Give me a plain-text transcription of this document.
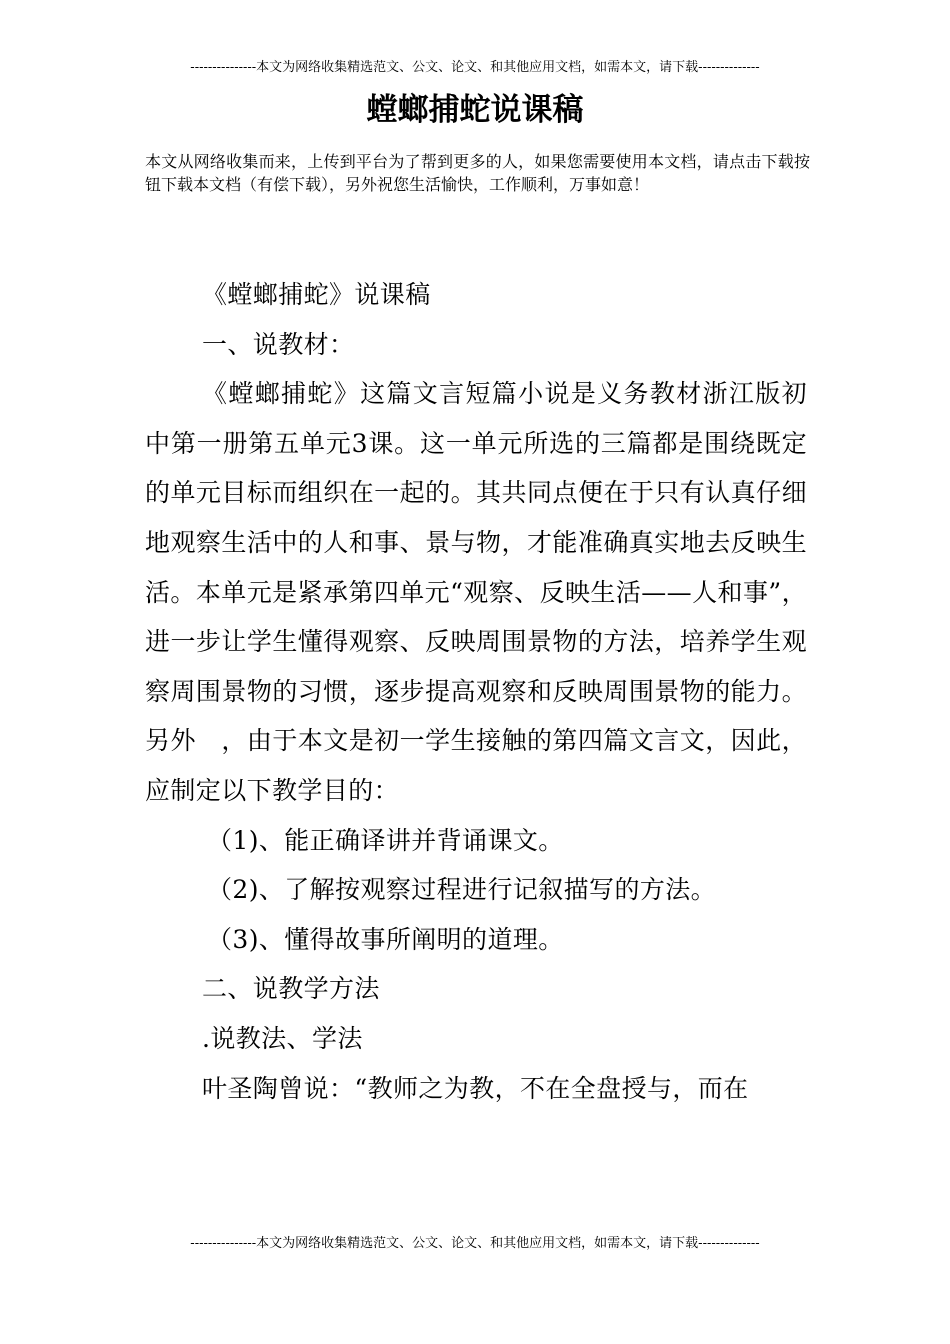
---------------本文为网络收集精选范文、公文、论文、和其他应用文档，如需本文，请下载--------------
螳螂捕蛇说课稿

本文从网络收集而来，上传到平台为了帮到更多的人，如果您需要使用本文档，请点击下载按钮下载本文档（有偿下载），另外祝您生活愉快，工作顺利，万事如意！

《螳螂捕蛇》说课稿

一、说教材：

《螳螂捕蛇》这篇文言短篇小说是义务教材浙江版初中第一册第五单元3课。这一单元所选的三篇都是围绕既定的单元目标而组织在一起的。其共同点便在于只有认真仔细地观察生活中的人和事、景与物，才能准确真实地去反映生活。本单元是紧承第四单元“观察、反映生活——人和事”，进一步让学生懂得观察、反映周围景物的方法，培养学生观察周围景物的习惯，逐步提高观察和反映周围景物的能力。另外　，由于本文是初一学生接触的第四篇文言文，因此，应制定以下教学目的：

（1)、能正确译讲并背诵课文。

（2)、了解按观察过程进行记叙描写的方法。

（3)、懂得故事所阐明的道理。

二、说教学方法

.说教法、学法

叶圣陶曾说：“教师之为教，不在全盘授与，而在

---------------本文为网络收集精选范文、公文、论文、和其他应用文档，如需本文，请下载--------------
